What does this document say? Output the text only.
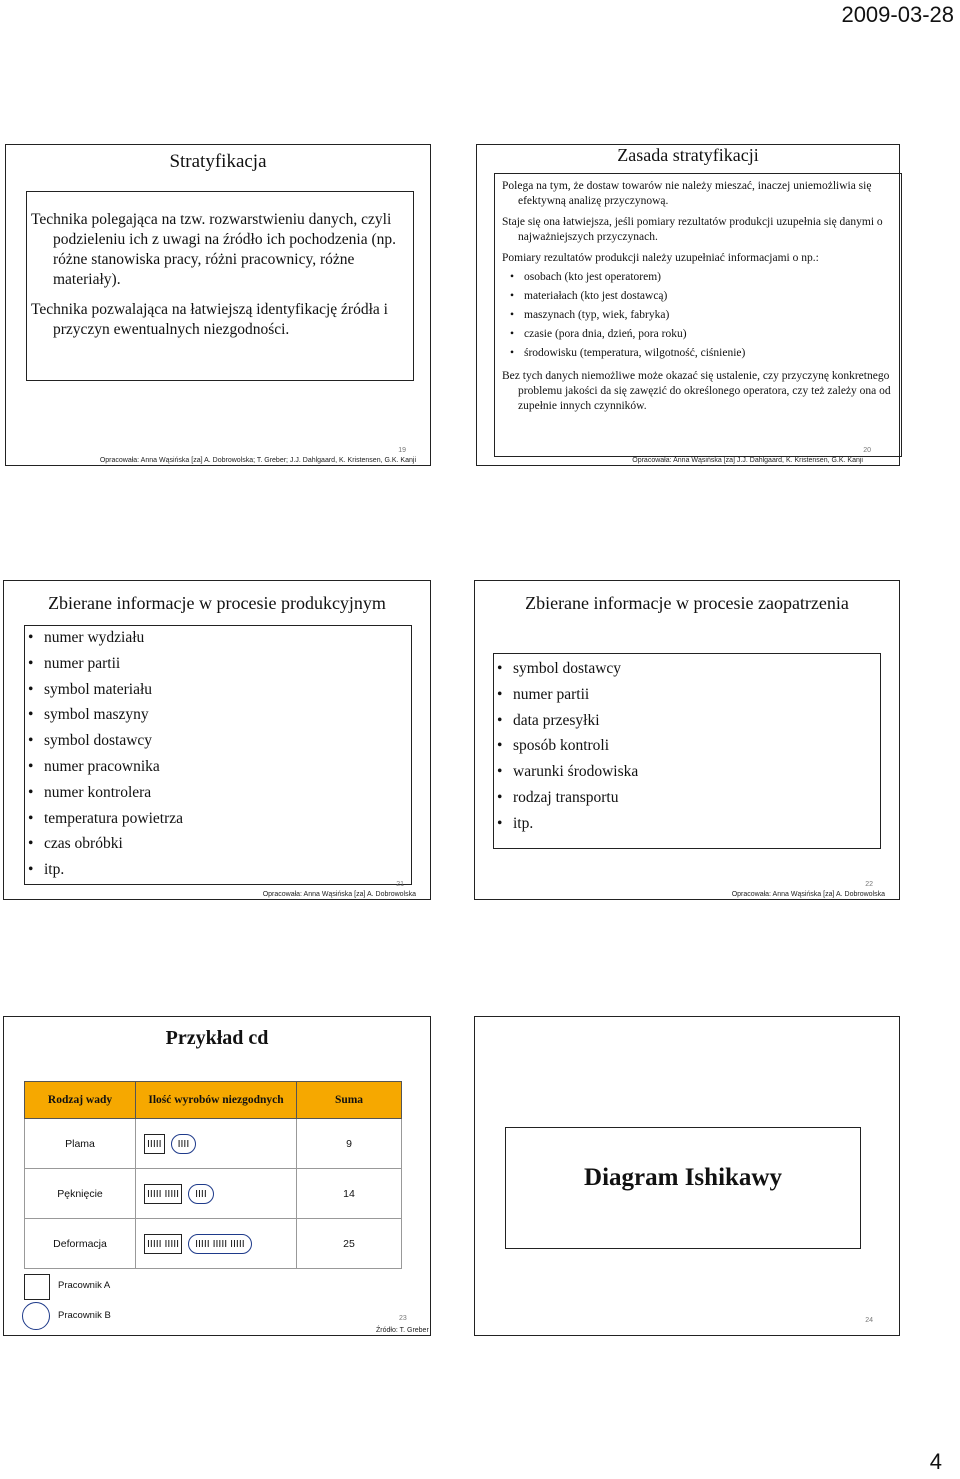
2009-03-28
Stratyfikacja

Technika polegająca na tzw. rozwarstwieniu danych, czyli podzieleniu ich z uwagi na źródło ich pochodzenia (np. różne stanowiska pracy, różni pracownicy, różne materiały).

Technika pozwalająca na łatwiejszą identyfikację źródła i przyczyn ewentualnych niezgodności.

19
Opracowała: Anna Wąsińska [za] A. Dobrowolska; T. Greber; J.J. Dahlgaard, K. Kristensen, G.K. Kanji
Zasada stratyfikacji

Polega na tym, że dostaw towarów nie należy mieszać, inaczej uniemożliwia się efektywną analizę przyczynową.

Staje się ona łatwiejsza, jeśli pomiary rezultatów produkcji uzupełnia się danymi o najważniejszych przyczynach.

Pomiary rezultatów produkcji należy uzupełniać informacjami o np.:

• osobach (kto jest operatorem)
• materiałach (kto jest dostawcą)
• maszynach (typ, wiek, fabryka)
• czasie (pora dnia, dzień, pora roku)
• środowisku (temperatura, wilgotność, ciśnienie)

Bez tych danych niemożliwe może okazać się ustalenie, czy przyczynę konkretnego problemu jakości da się zawęzić do określonego operatora, czy też zależy ona od zupełnie innych czynników.

20
Opracowała: Anna Wąsińska [za] J.J. Dahlgaard, K. Kristensen, G.K. Kanji
Zbierane informacje w procesie produkcyjnym
• numer wydziału
• numer partii
• symbol materiału
• symbol maszyny
• symbol dostawcy
• numer pracownika
• numer kontrolera
• temperatura powietrza
• czas obróbki
• itp.
21
Opracowała: Anna Wąsińska [za] A. Dobrowolska
Zbierane informacje w procesie zaopatrzenia
• symbol dostawcy
• numer partii
• data przesyłki
• sposób kontroli
• warunki środowiska
• rodzaj transportu
• itp.
22
Opracowała: Anna Wąsińska [za] A. Dobrowolska
Przykład cd
Rodzaj wady	Ilość wyrobów niezgodnych	Suma
Plama	IIIII IIII	9
Pęknięcie	IIIII IIIII IIII	14
Deformacja	IIIII IIIII IIIII IIIII IIIII	25
Pracownik A
Pracownik B	23
Źródło: T. Greber
Diagram Ishikawy
24
4
